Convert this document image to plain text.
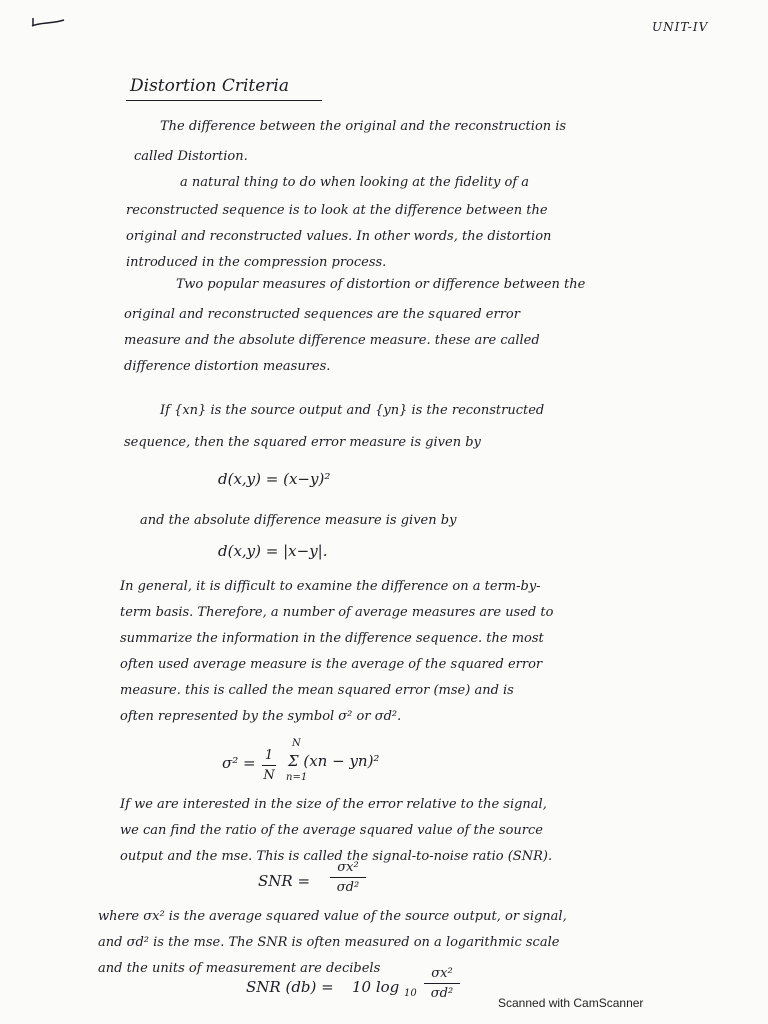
UNIT-IV
Distortion Criteria
The difference between the original and the reconstruction is
called Distortion.
a natural thing to do when looking at the fidelity of a
reconstructed sequence is to look at the difference between the
original and reconstructed values. In other words, the distortion
introduced in the compression process.
Two popular measures of distortion or difference between the
original and reconstructed sequences are the squared error
measure and the absolute difference measure. these are called
difference distortion measures.
If {xn} is the source output and {yn} is the reconstructed
sequence, then the squared error measure is given by
d(x,y) = (x−y)²
and the absolute difference measure is given by
d(x,y) = |x−y|.
In general, it is difficult to examine the difference on a term-by-
term basis. Therefore, a number of average measures are used to
summarize the information in the difference sequence. the most
often used average measure is the average of the squared error
measure. this is called the mean squared error (mse) and is
often represented by the symbol σ² or σd².
σ² = 1
N
N
Σ (xn − yn)²
n=1
If we are interested in the size of the error relative to the signal,
we can find the ratio of the average squared value of the source
output and the mse. This is called the signal-to-noise ratio (SNR).
SNR =
σx²
σd²
where σx² is the average squared value of the source output, or signal,
and σd² is the mse. The SNR is often measured on a logarithmic scale
and the units of measurement are decibels
SNR (db) = 10 log 10
σx²
σd²
Scanned with CamScanner
